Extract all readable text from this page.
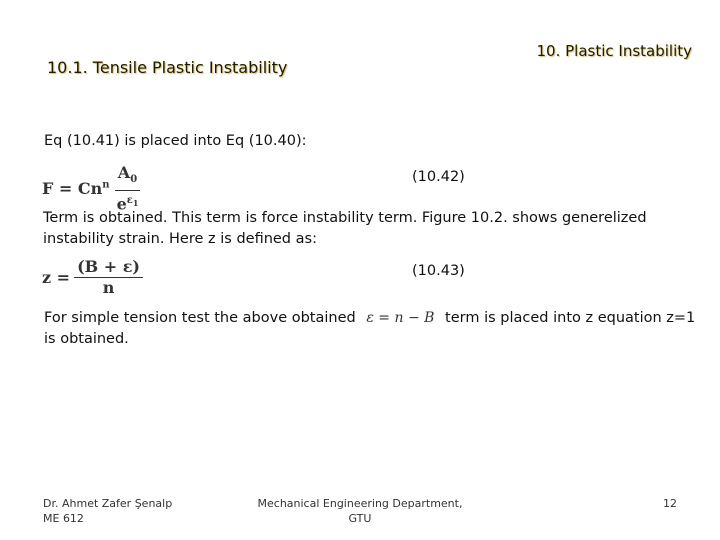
10. Plastic Instability
10.1. Tensile Plastic Instability
Eq (10.41) is placed into Eq (10.40):
$F = Cn^n \frac{A_0}{e^{\varepsilon_1}}$	(10.42)
Term is obtained. This term is force instability term. Figure 10.2. shows generelized
instability strain. Here z is defined as:
$z = \frac{(B + \varepsilon)}{n}$	(10.43)
For simple tension test the above obtained ε = n − B term is placed into z equation z=1
is obtained.
Dr. Ahmet Zafer Şenalp
ME 612
Mechanical Engineering Department,
GTU
12
